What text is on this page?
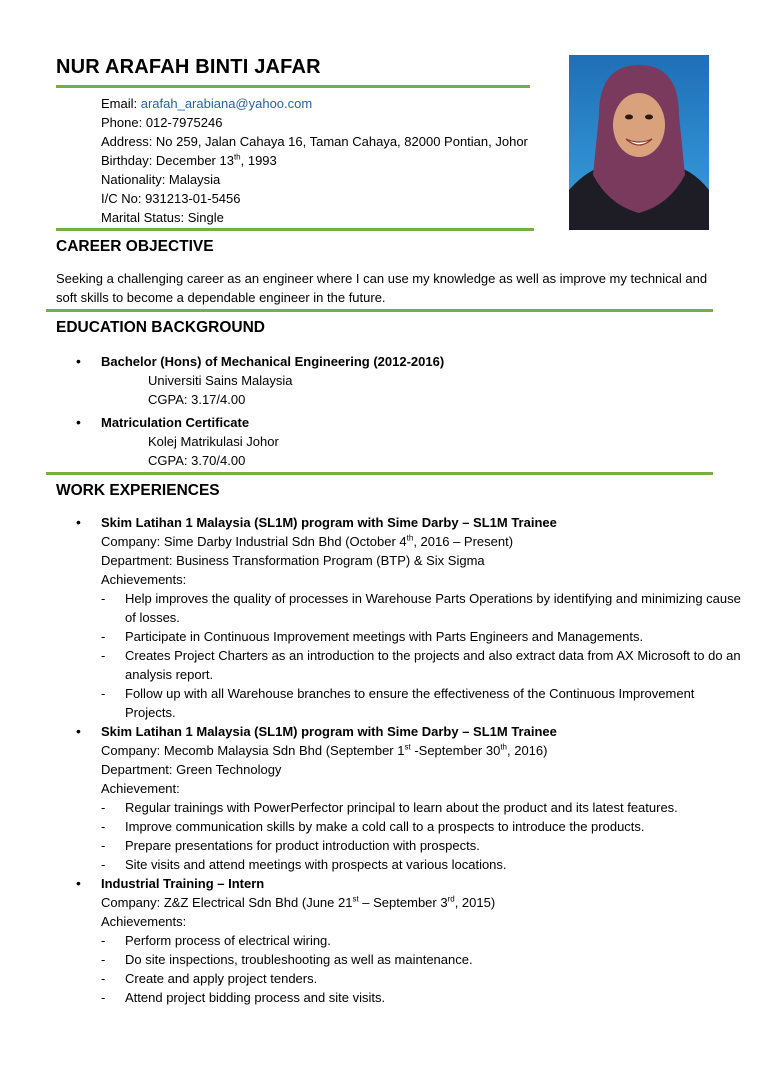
NUR ARAFAH BINTI JAFAR
Email: arafah_arabiana@yahoo.com
Phone: 012-7975246
Address: No 259, Jalan Cahaya 16, Taman Cahaya, 82000 Pontian, Johor
Birthday: December 13th, 1993
Nationality: Malaysia
I/C No: 931213-01-5456
Marital Status: Single
CAREER OBJECTIVE
Seeking a challenging career as an engineer where I can use my knowledge as well as improve my technical and soft skills to become a dependable engineer in the future.
EDUCATION BACKGROUND
• Bachelor (Hons) of Mechanical Engineering (2012-2016)
Universiti Sains Malaysia
CGPA: 3.17/4.00
• Matriculation Certificate
Kolej Matrikulasi Johor
CGPA: 3.70/4.00
WORK EXPERIENCES
• Skim Latihan 1 Malaysia (SL1M) program with Sime Darby – SL1M Trainee
Company: Sime Darby Industrial Sdn Bhd (October 4th, 2016 – Present)
Department: Business Transformation Program (BTP) & Six Sigma
Achievements:
- Help improves the quality of processes in Warehouse Parts Operations by identifying and minimizing cause of losses.
- Participate in Continuous Improvement meetings with Parts Engineers and Managements.
- Creates Project Charters as an introduction to the projects and also extract data from AX Microsoft to do an analysis report.
- Follow up with all Warehouse branches to ensure the effectiveness of the Continuous Improvement Projects.
• Skim Latihan 1 Malaysia (SL1M) program with Sime Darby – SL1M Trainee
Company: Mecomb Malaysia Sdn Bhd (September 1st -September 30th, 2016)
Department: Green Technology
Achievement:
- Regular trainings with PowerPerfector principal to learn about the product and its latest features.
- Improve communication skills by make a cold call to a prospects to introduce the products.
- Prepare presentations for product introduction with prospects.
- Site visits and attend meetings with prospects at various locations.
• Industrial Training – Intern
Company: Z&Z Electrical Sdn Bhd (June 21st – September 3rd, 2015)
Achievements:
- Perform process of electrical wiring.
- Do site inspections, troubleshooting as well as maintenance.
- Create and apply project tenders.
- Attend project bidding process and site visits.
